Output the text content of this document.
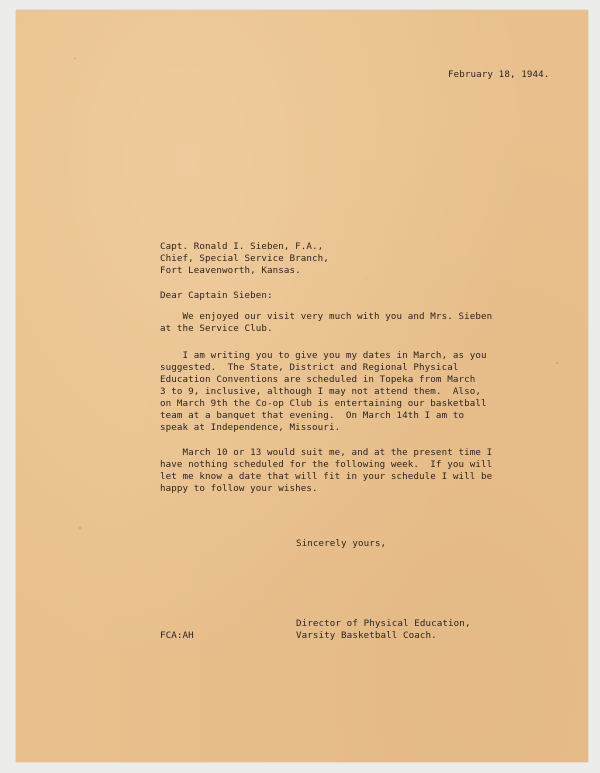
February 18, 1944.
Capt. Ronald I. Sieben, F.A.,
Chief, Special Service Branch,
Fort Leavenworth, Kansas.
Dear Captain Sieben:
We enjoyed our visit very much with you and Mrs. Sieben
at the Service Club.
I am writing you to give you my dates in March, as you
suggested.  The State, District and Regional Physical
Education Conventions are scheduled in Topeka from March
3 to 9, inclusive, although I may not attend them.  Also,
on March 9th the Co-op Club is entertaining our basketball
team at a banquet that evening.  On March 14th I am to
speak at Independence, Missouri.
March 10 or 13 would suit me, and at the present time I
have nothing scheduled for the following week.  If you will
let me know a date that will fit in your schedule I will be
happy to follow your wishes.
Sincerely yours,
FCA:AH
Director of Physical Education,
Varsity Basketball Coach.
